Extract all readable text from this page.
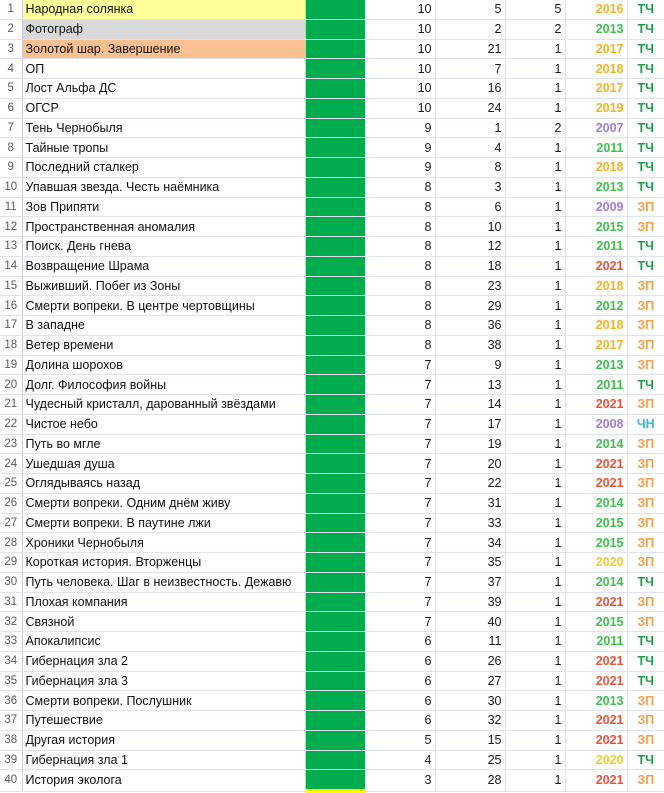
1	Народная солянка		10	5	5	2016	ТЧ
2	Фотограф		10	2	2	2013	ТЧ
3	Золотой шар. Завершение		10	21	1	2017	ТЧ
4	ОП		10	7	1	2018	ТЧ
5	Лост Альфа ДС		10	16	1	2017	ТЧ
6	ОГСР		10	24	1	2019	ТЧ
7	Тень Чернобыля		9	1	2	2007	ТЧ
8	Тайные тропы		9	4	1	2011	ТЧ
9	Последний сталкер		9	8	1	2018	ТЧ
10	Упавшая звезда. Честь наёмника		8	3	1	2013	ТЧ
11	Зов Припяти		8	6	1	2009	ЗП
12	Пространственная аномалия		8	10	1	2015	ЗП
13	Поиск. День гнева		8	12	1	2011	ТЧ
14	Возвращение Шрама		8	18	1	2021	ТЧ
15	Выживший. Побег из Зоны		8	23	1	2018	ЗП
16	Смерти вопреки. В центре чертовщины		8	29	1	2012	ЗП
17	В западне		8	36	1	2018	ЗП
18	Ветер времени		8	38	1	2017	ЗП
19	Долина шорохов		7	9	1	2013	ЗП
20	Долг. Философия войны		7	13	1	2011	ТЧ
21	Чудесный кристалл, дарованный звёздами		7	14	1	2021	ЗП
22	Чистое небо		7	17	1	2008	ЧН
23	Путь во мгле		7	19	1	2014	ЗП
24	Ушедшая душа		7	20	1	2021	ЗП
25	Оглядываясь назад		7	22	1	2021	ЗП
26	Смерти вопреки. Одним днём живу		7	31	1	2014	ЗП
27	Смерти вопреки. В паутине лжи		7	33	1	2015	ЗП
28	Хроники Чернобыля		7	34	1	2015	ЗП
29	Короткая история. Вторженцы		7	35	1	2020	ЗП
30	Путь человека. Шаг в неизвестность. Дежавю		7	37	1	2014	ТЧ
31	Плохая компания		7	39	1	2021	ЗП
32	Связной		7	40	1	2015	ЗП
33	Апокалипсис		6	11	1	2011	ТЧ
34	Гибернация зла 2		6	26	1	2021	ТЧ
35	Гибернация зла 3		6	27	1	2021	ТЧ
36	Смерти вопреки. Послушник		6	30	1	2013	ЗП
37	Путешествие		6	32	1	2021	ЗП
38	Другая история		5	15	1	2021	ЗП
39	Гибернация зла 1		4	25	1	2020	ТЧ
40	История эколога		3	28	1	2021	ЗП
